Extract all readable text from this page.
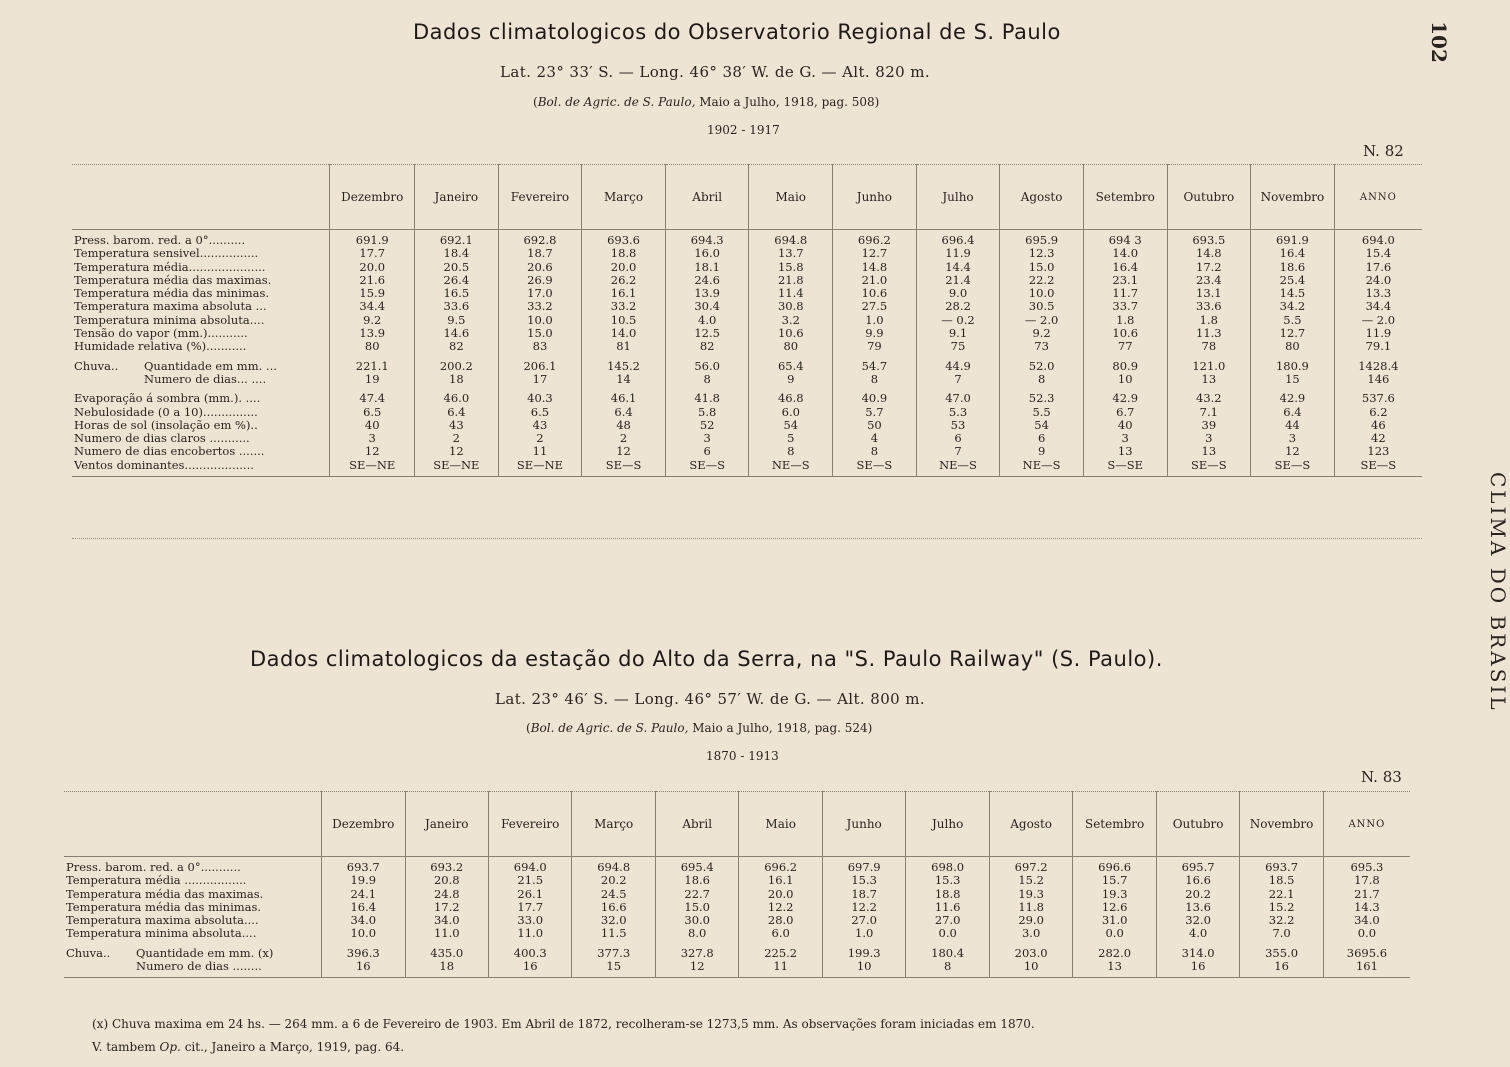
102
CLIMA DO BRASIL
Dados climatologicos do Observatorio Regional de S. Paulo
Lat. 23° 33′ S. — Long. 46° 38′ W. de G. — Alt. 820 m.
(Bol. de Agric. de S. Paulo, Maio a Julho, 1918, pag. 508)
1902 - 1917
N. 82
	Dezembro	Janeiro	Fevereiro	Março	Abril	Maio	Junho	Julho	Agosto	Setembro	Outubro	Novembro	ANNO

Press. barom. red. a 0°..........	691.9	692.1	692.8	693.6	694.3	694.8	696.2	696.4	695.9	694 3	693.5	691.9	694.0
Temperatura sensivel................	17.7	18.4	18.7	18.8	16.0	13.7	12.7	11.9	12.3	14.0	14.8	16.4	15.4
Temperatura média.....................	20.0	20.5	20.6	20.0	18.1	15.8	14.8	14.4	15.0	16.4	17.2	18.6	17.6
Temperatura média das maximas.	21.6	26.4	26.9	26.2	24.6	21.8	21.0	21.4	22.2	23.1	23.4	25.4	24.0
Temperatura média das minimas.	15.9	16.5	17.0	16.1	13.9	11.4	10.6	9.0	10.0	11.7	13.1	14.5	13.3
Temperatura maxima absoluta ...	34.4	33.6	33.2	33.2	30.4	30.8	27.5	28.2	30.5	33.7	33.6	34.2	34.4
Temperatura minima absoluta....	9.2	9.5	10.0	10.5	4.0	3.2	1.0	— 0.2	— 2.0	1.8	1.8	5.5	— 2.0
Tensão do vapor (mm.)...........	13.9	14.6	15.0	14.0	12.5	10.6	9.9	9.1	9.2	10.6	11.3	12.7	11.9
Humidade relativa (%)...........	80	82	83	81	82	80	79	75	73	77	78	80	79.1

Chuva.. Quantidade em mm. ...	221.1	200.2	206.1	145.2	56.0	65.4	54.7	44.9	52.0	80.9	121.0	180.9	1428.4
Numero de dias... ....	19	18	17	14	8	9	8	7	8	10	13	15	146

Evaporação á sombra (mm.). ....	47.4	46.0	40.3	46.1	41.8	46.8	40.9	47.0	52.3	42.9	43.2	42.9	537.6
Nebulosidade (0 a 10)...............	6.5	6.4	6.5	6.4	5.8	6.0	5.7	5.3	5.5	6.7	7.1	6.4	6.2
Horas de sol (insolação em %)..	40	43	43	48	52	54	50	53	54	40	39	44	46
Numero de dias claros ...........	3	2	2	2	3	5	4	6	6	3	3	3	42
Numero de dias encobertos .......	12	12	11	12	6	8	8	7	9	13	13	12	123
Ventos dominantes...................	SE—NE	SE—NE	SE—NE	SE—S	SE—S	NE—S	SE—S	NE—S	NE—S	S—SE	SE—S	SE—S	SE—S
Dados climatologicos da estação do Alto da Serra, na "S. Paulo Railway" (S. Paulo).
Lat. 23° 46′ S. — Long. 46° 57′ W. de G. — Alt. 800 m.
(Bol. de Agric. de S. Paulo, Maio a Julho, 1918, pag. 524)
1870 - 1913
N. 83
	Dezembro	Janeiro	Fevereiro	Março	Abril	Maio	Junho	Julho	Agosto	Setembro	Outubro	Novembro	ANNO

Press. barom. red. a 0°...........	693.7	693.2	694.0	694.8	695.4	696.2	697.9	698.0	697.2	696.6	695.7	693.7	695.3
Temperatura média .................	19.9	20.8	21.5	20.2	18.6	16.1	15.3	15.3	15.2	15.7	16.6	18.5	17.8
Temperatura média das maximas.	24.1	24.8	26.1	24.5	22.7	20.0	18.7	18.8	19.3	19.3	20.2	22.1	21.7
Temperatura média das minimas.	16.4	17.2	17.7	16.6	15.0	12.2	12.2	11.6	11.8	12.6	13.6	15.2	14.3
Temperatura maxima absoluta....	34.0	34.0	33.0	32.0	30.0	28.0	27.0	27.0	29.0	31.0	32.0	32.2	34.0
Temperatura minima absoluta....	10.0	11.0	11.0	11.5	8.0	6.0	1.0	0.0	3.0	0.0	4.0	7.0	0.0

Chuva.. Quantidade em mm. (x)	396.3	435.0	400.3	377.3	327.8	225.2	199.3	180.4	203.0	282.0	314.0	355.0	3695.6
Numero de dias ........	16	18	16	15	12	11	10	8	10	13	16	16	161
(x) Chuva maxima em 24 hs. — 264 mm. a 6 de Fevereiro de 1903. Em Abril de 1872, recolheram-se 1273,5 mm. As observações foram iniciadas em 1870.
V. tambem Op. cit., Janeiro a Março, 1919, pag. 64.
